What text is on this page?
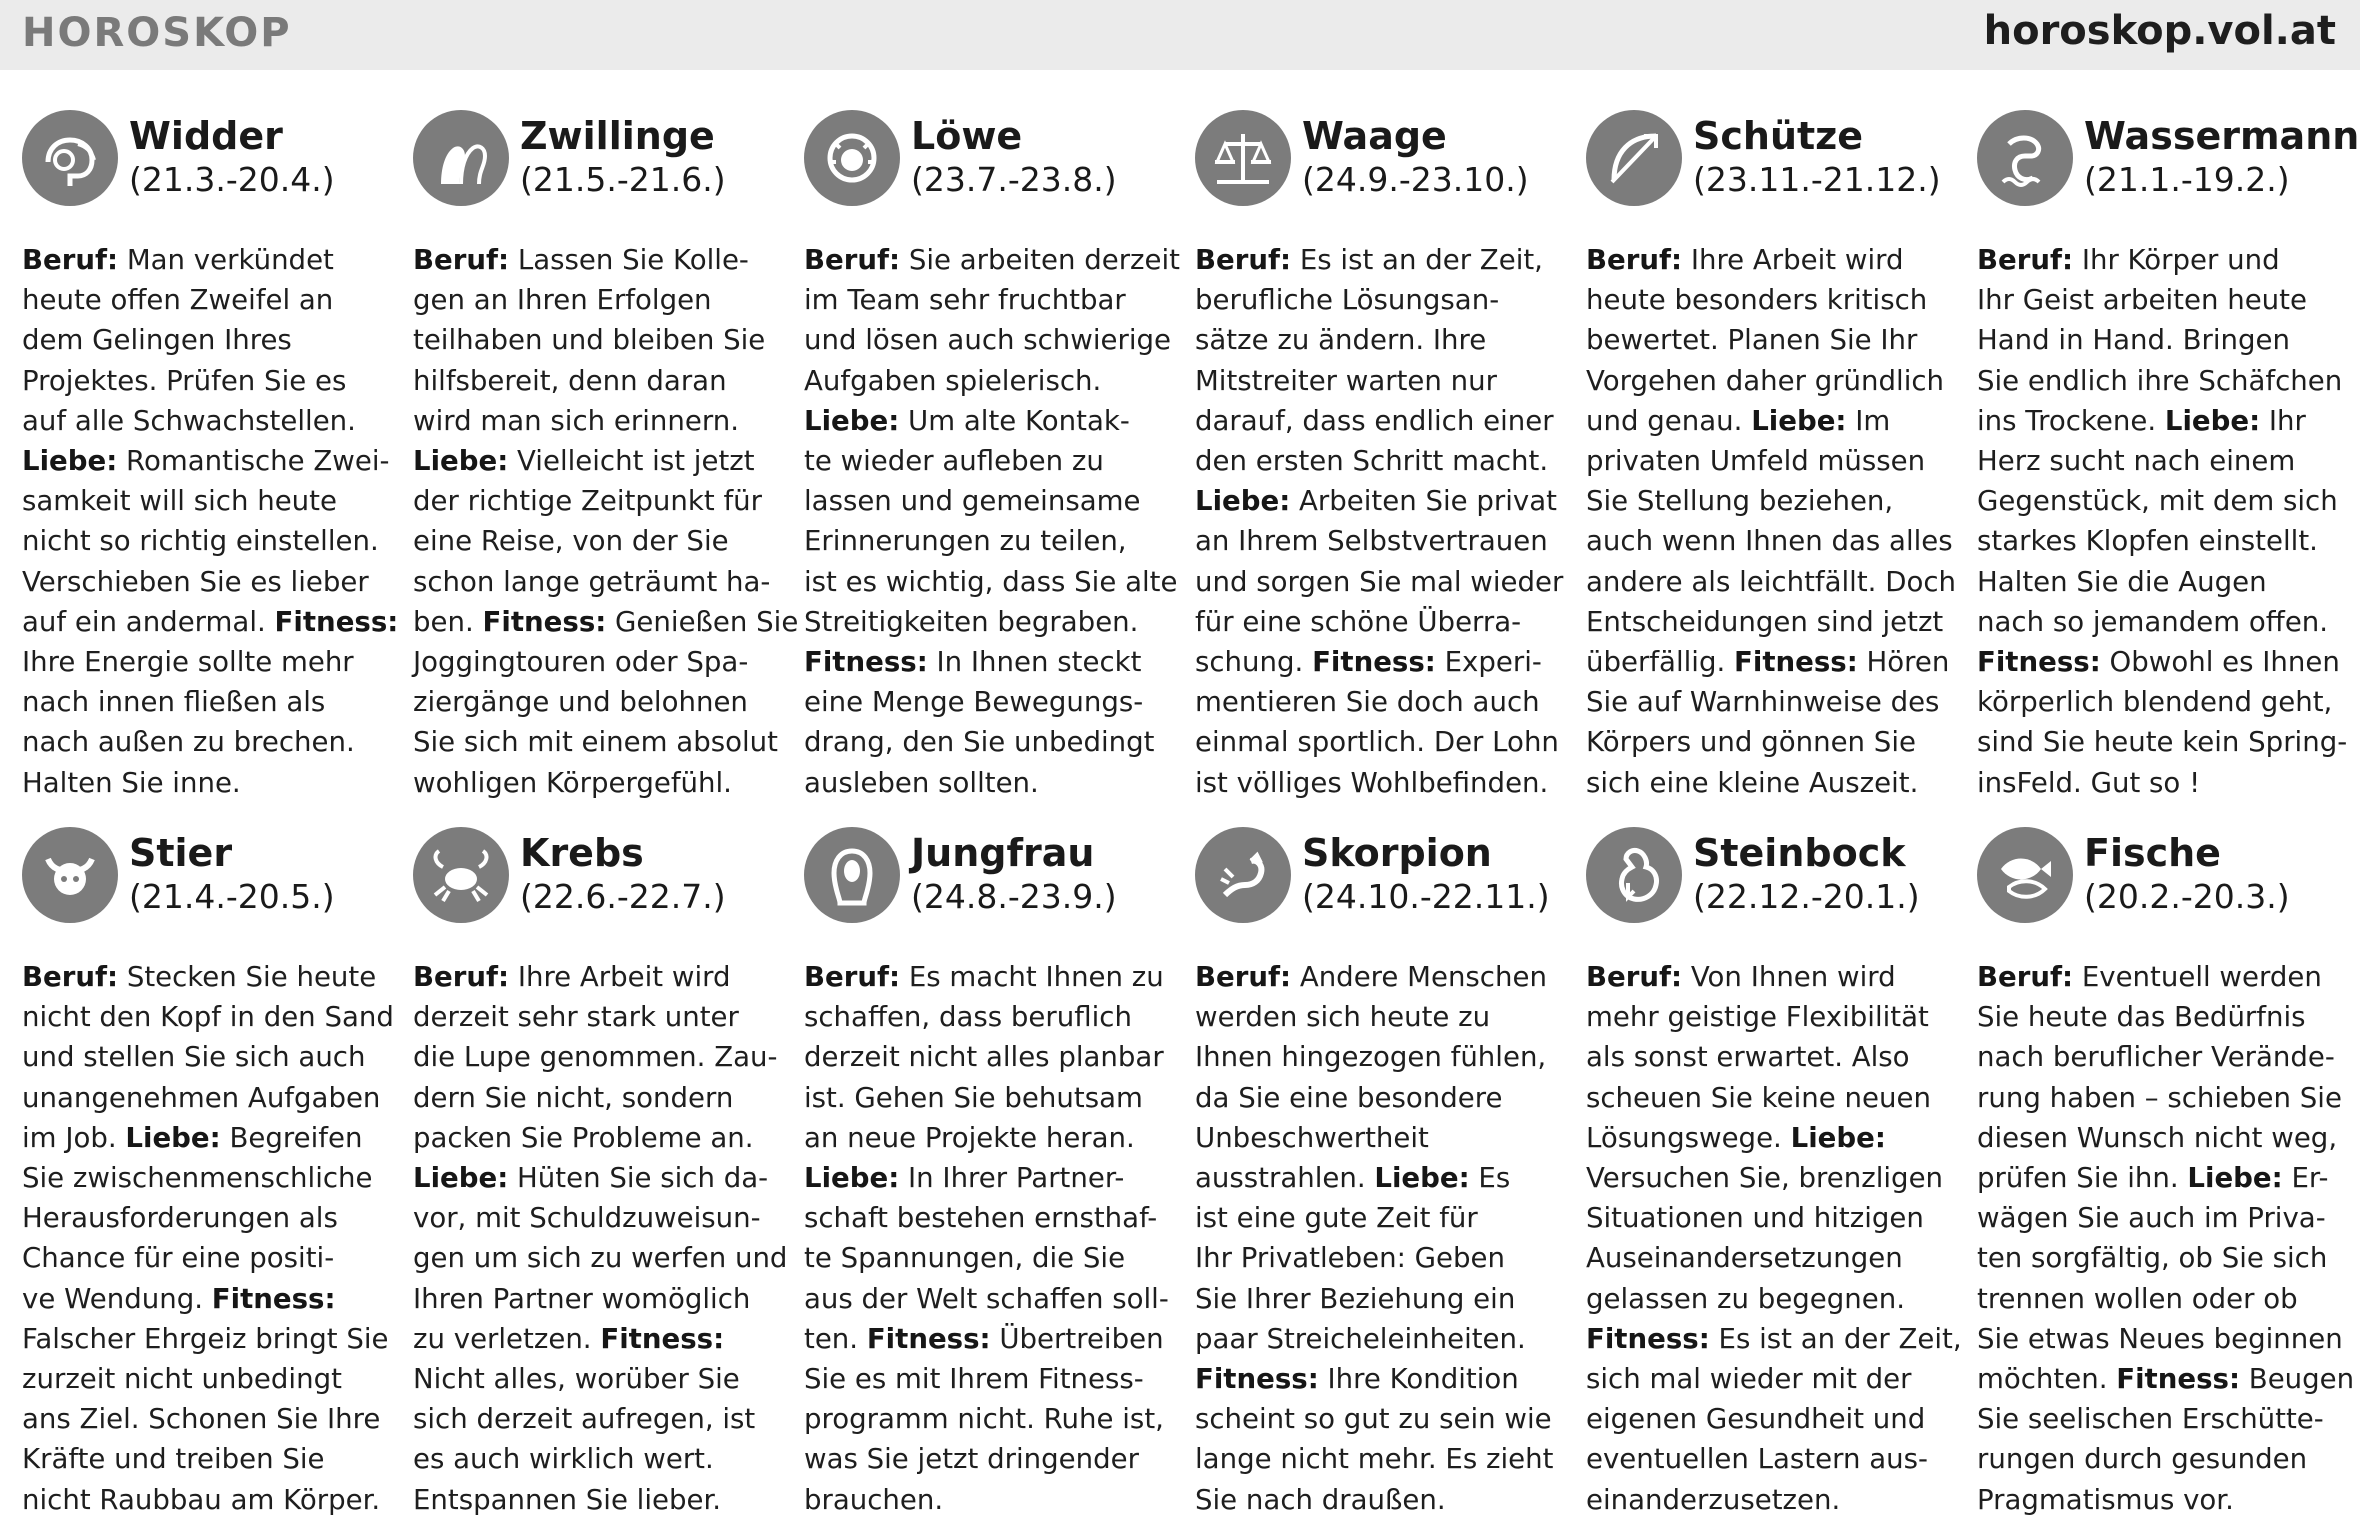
HOROSKOP	horoskop.vol.at
Widder
(21.3.-20.4.)
Beruf: Man verkündet
heute offen Zweifel an
dem Gelingen Ihres
Projektes. Prüfen Sie es
auf alle Schwachstellen.
Liebe: Romantische Zwei-
samkeit will sich heute
nicht so richtig einstellen.
Verschieben Sie es lieber
auf ein andermal. Fitness:
Ihre Energie sollte mehr
nach innen fließen als
nach außen zu brechen.
Halten Sie inne.
Zwillinge
(21.5.-21.6.)
Beruf: Lassen Sie Kolle-
gen an Ihren Erfolgen
teilhaben und bleiben Sie
hilfsbereit, denn daran
wird man sich erinnern.
Liebe: Vielleicht ist jetzt
der richtige Zeitpunkt für
eine Reise, von der Sie
schon lange geträumt ha-
ben. Fitness: Genießen Sie
Joggingtouren oder Spa-
ziergänge und belohnen
Sie sich mit einem absolut
wohligen Körpergefühl.
Löwe
(23.7.-23.8.)
Beruf: Sie arbeiten derzeit
im Team sehr fruchtbar
und lösen auch schwierige
Aufgaben spielerisch.
Liebe: Um alte Kontak-
te wieder aufleben zu
lassen und gemeinsame
Erinnerungen zu teilen,
ist es wichtig, dass Sie alte
Streitigkeiten begraben.
Fitness: In Ihnen steckt
eine Menge Bewegungs-
drang, den Sie unbedingt
ausleben sollten.
Waage
(24.9.-23.10.)
Beruf: Es ist an der Zeit,
berufliche Lösungsan-
sätze zu ändern. Ihre
Mitstreiter warten nur
darauf, dass endlich einer
den ersten Schritt macht.
Liebe: Arbeiten Sie privat
an Ihrem Selbstvertrauen
und sorgen Sie mal wieder
für eine schöne Überra-
schung. Fitness: Experi-
mentieren Sie doch auch
einmal sportlich. Der Lohn
ist völliges Wohlbefinden.
Schütze
(23.11.-21.12.)
Beruf: Ihre Arbeit wird
heute besonders kritisch
bewertet. Planen Sie Ihr
Vorgehen daher gründlich
und genau. Liebe: Im
privaten Umfeld müssen
Sie Stellung beziehen,
auch wenn Ihnen das alles
andere als leichtfällt. Doch
Entscheidungen sind jetzt
überfällig. Fitness: Hören
Sie auf Warnhinweise des
Körpers und gönnen Sie
sich eine kleine Auszeit.
Wassermann
(21.1.-19.2.)
Beruf: Ihr Körper und
Ihr Geist arbeiten heute
Hand in Hand. Bringen
Sie endlich ihre Schäfchen
ins Trockene. Liebe: Ihr
Herz sucht nach einem
Gegenstück, mit dem sich
starkes Klopfen einstellt.
Halten Sie die Augen
nach so jemandem offen.
Fitness: Obwohl es Ihnen
körperlich blendend geht,
sind Sie heute kein Spring-
insFeld. Gut so !
Stier
(21.4.-20.5.)
Beruf: Stecken Sie heute
nicht den Kopf in den Sand
und stellen Sie sich auch
unangenehmen Aufgaben
im Job. Liebe: Begreifen
Sie zwischenmenschliche
Herausforderungen als
Chance für eine positi-
ve Wendung. Fitness:
Falscher Ehrgeiz bringt Sie
zurzeit nicht unbedingt
ans Ziel. Schonen Sie Ihre
Kräfte und treiben Sie
nicht Raubbau am Körper.
Krebs
(22.6.-22.7.)
Beruf: Ihre Arbeit wird
derzeit sehr stark unter
die Lupe genommen. Zau-
dern Sie nicht, sondern
packen Sie Probleme an.
Liebe: Hüten Sie sich da-
vor, mit Schuldzuweisun-
gen um sich zu werfen und
Ihren Partner womöglich
zu verletzen. Fitness:
Nicht alles, worüber Sie
sich derzeit aufregen, ist
es auch wirklich wert.
Entspannen Sie lieber.
Jungfrau
(24.8.-23.9.)
Beruf: Es macht Ihnen zu
schaffen, dass beruflich
derzeit nicht alles planbar
ist. Gehen Sie behutsam
an neue Projekte heran.
Liebe: In Ihrer Partner-
schaft bestehen ernsthaf-
te Spannungen, die Sie
aus der Welt schaffen soll-
ten. Fitness: Übertreiben
Sie es mit Ihrem Fitness-
programm nicht. Ruhe ist,
was Sie jetzt dringender
brauchen.
Skorpion
(24.10.-22.11.)
Beruf: Andere Menschen
werden sich heute zu
Ihnen hingezogen fühlen,
da Sie eine besondere
Unbeschwertheit
ausstrahlen. Liebe: Es
ist eine gute Zeit für
Ihr Privatleben: Geben
Sie Ihrer Beziehung ein
paar Streicheleinheiten.
Fitness: Ihre Kondition
scheint so gut zu sein wie
lange nicht mehr. Es zieht
Sie nach draußen.
Steinbock
(22.12.-20.1.)
Beruf: Von Ihnen wird
mehr geistige Flexibilität
als sonst erwartet. Also
scheuen Sie keine neuen
Lösungswege. Liebe:
Versuchen Sie, brenzligen
Situationen und hitzigen
Auseinandersetzungen
gelassen zu begegnen.
Fitness: Es ist an der Zeit,
sich mal wieder mit der
eigenen Gesundheit und
eventuellen Lastern aus-
einanderzusetzen.
Fische
(20.2.-20.3.)
Beruf: Eventuell werden
Sie heute das Bedürfnis
nach beruflicher Verände-
rung haben – schieben Sie
diesen Wunsch nicht weg,
prüfen Sie ihn. Liebe: Er-
wägen Sie auch im Priva-
ten sorgfältig, ob Sie sich
trennen wollen oder ob
Sie etwas Neues beginnen
möchten. Fitness: Beugen
Sie seelischen Erschütte-
rungen durch gesunden
Pragmatismus vor.
